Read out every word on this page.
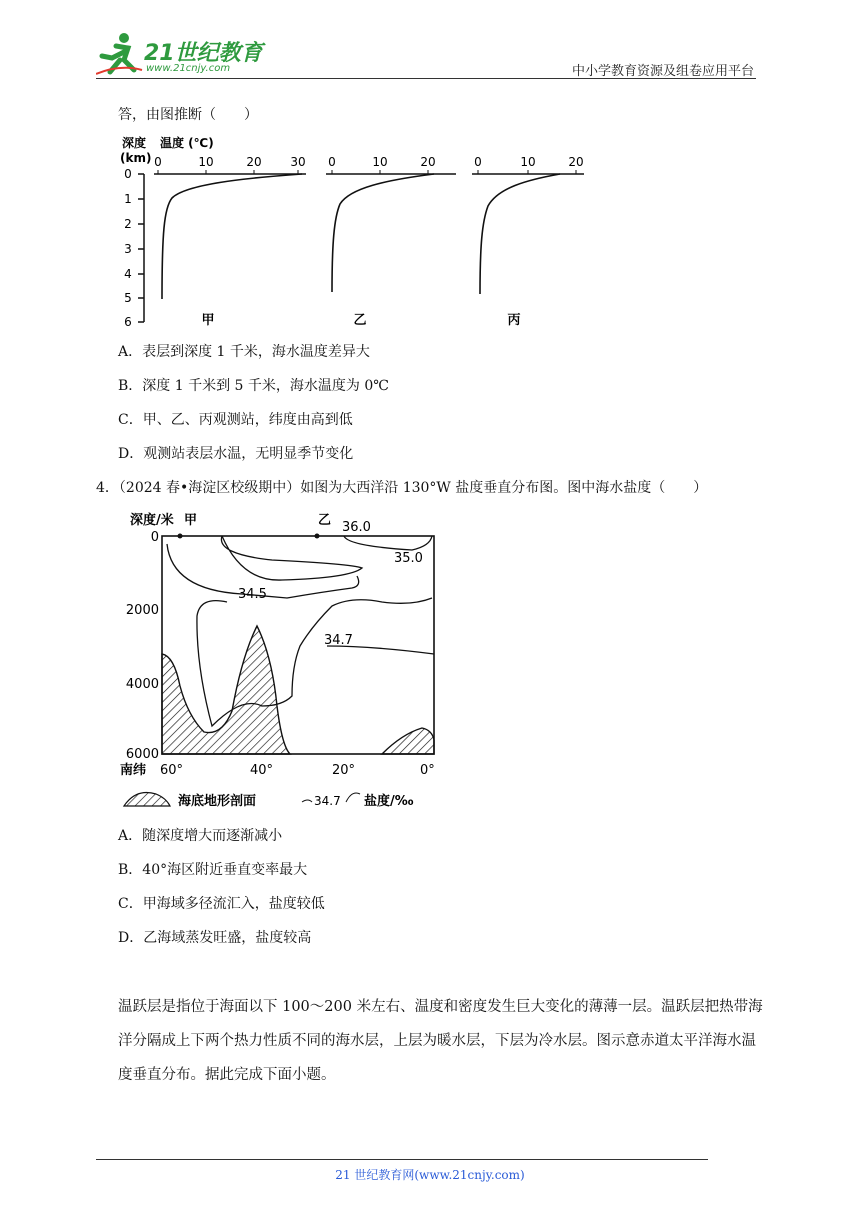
21世纪教育
www.21cnjy.com	中小学教育资源及组卷应用平台
答，由图推断（　　）
深度 温度 (℃)
(km)
0
1
2
3
4
5
6
0	10	20 30
甲
0	10	20
乙
0	10	20
丙
A．表层到深度 1 千米，海水温度差异大
B．深度 1 千米到 5 千米，海水温度为 0℃
C．甲、乙、丙观测站，纬度由高到低
D．观测站表层水温，无明显季节变化
4．（2024 春•海淀区校级期中）如图为大西洋沿 130°W 盐度垂直分布图。图中海水盐度（　　）
深度/米 甲	乙
0
2000
4000
6000
36.0
35.0
34.5
34.7
南纬 60°	40°	20°	0°
海底地形剖面	34.7 盐度/‰
A．随深度增大而逐渐减小
B．40°海区附近垂直变率最大
C．甲海域多径流汇入，盐度较低
D．乙海域蒸发旺盛，盐度较高
温跃层是指位于海面以下 100～200 米左右、温度和密度发生巨大变化的薄薄一层。温跃层把热带海洋分隔成上下两个热力性质不同的海水层，上层为暖水层，下层为冷水层。图示意赤道太平洋海水温度垂直分布。据此完成下面小题。
21 世纪教育网(www.21cnjy.com)
